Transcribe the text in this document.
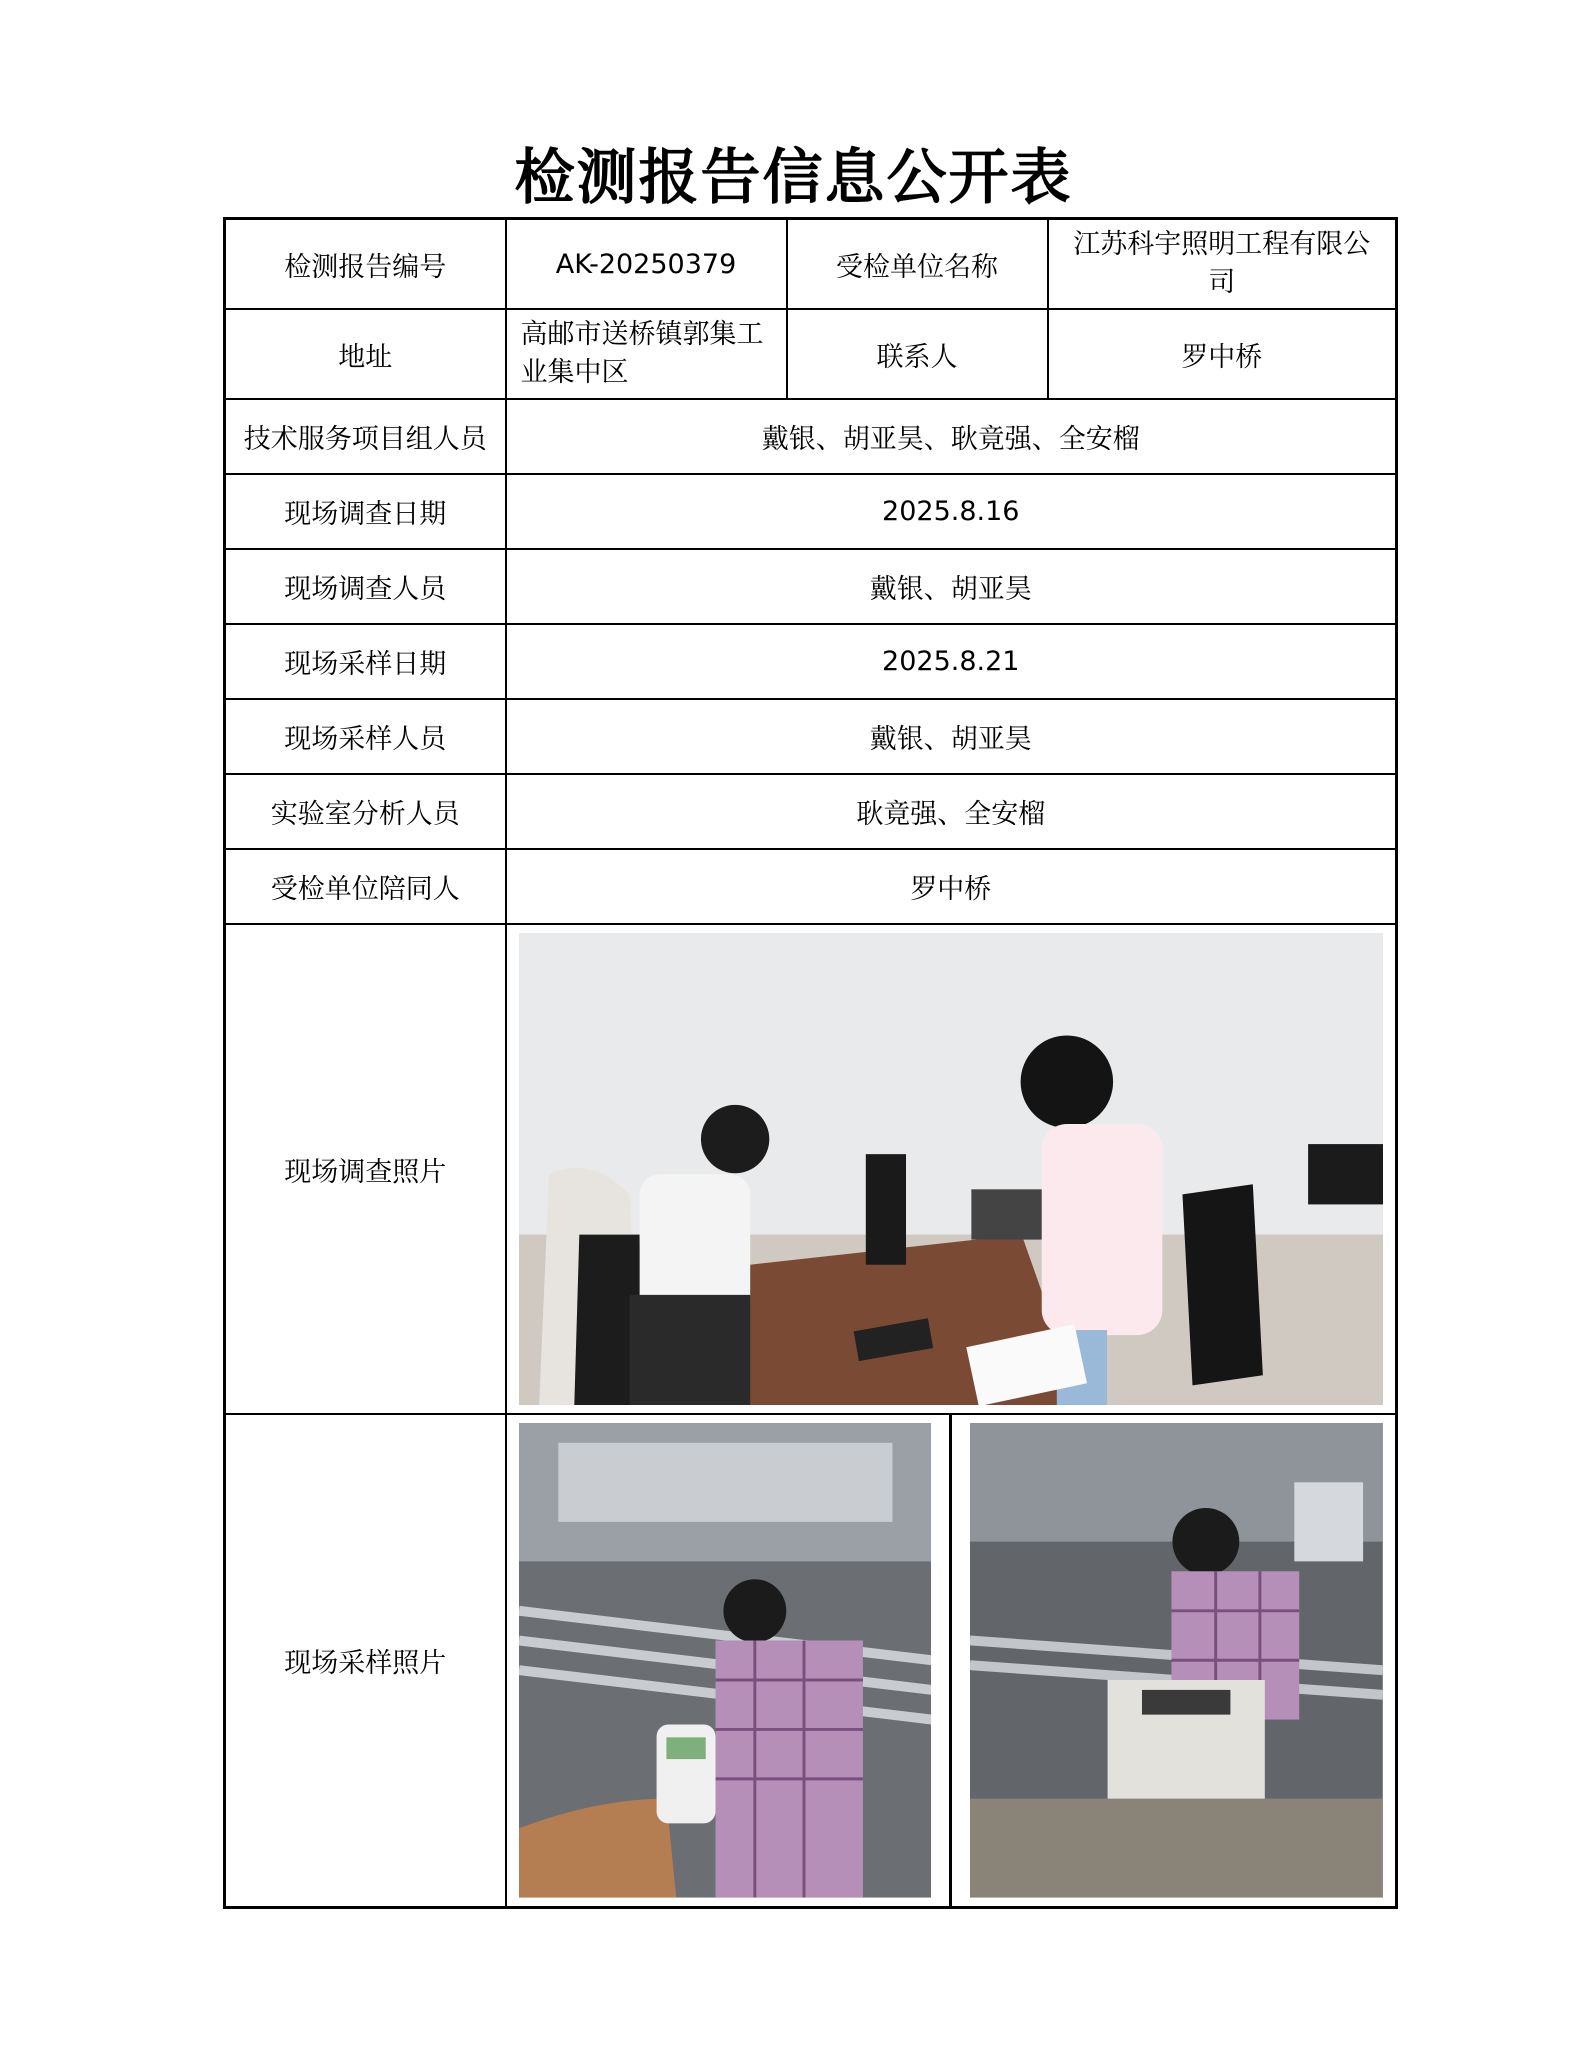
检测报告信息公开表
检测报告编号	AK-20250379	受检单位名称	江苏科宇照明工程有限公司
地址	高邮市送桥镇郭集工业集中区	联系人	罗中桥
技术服务项目组人员	戴银、胡亚昊、耿竟强、全安榴		
现场调查日期	2025.8.16		
现场调查人员	戴银、胡亚昊		
现场采样日期	2025.8.21		
现场采样人员	戴银、胡亚昊		
实验室分析人员	耿竟强、全安榴		
受检单位陪同人	罗中桥		
现场调查照片	

现场采样照片	
